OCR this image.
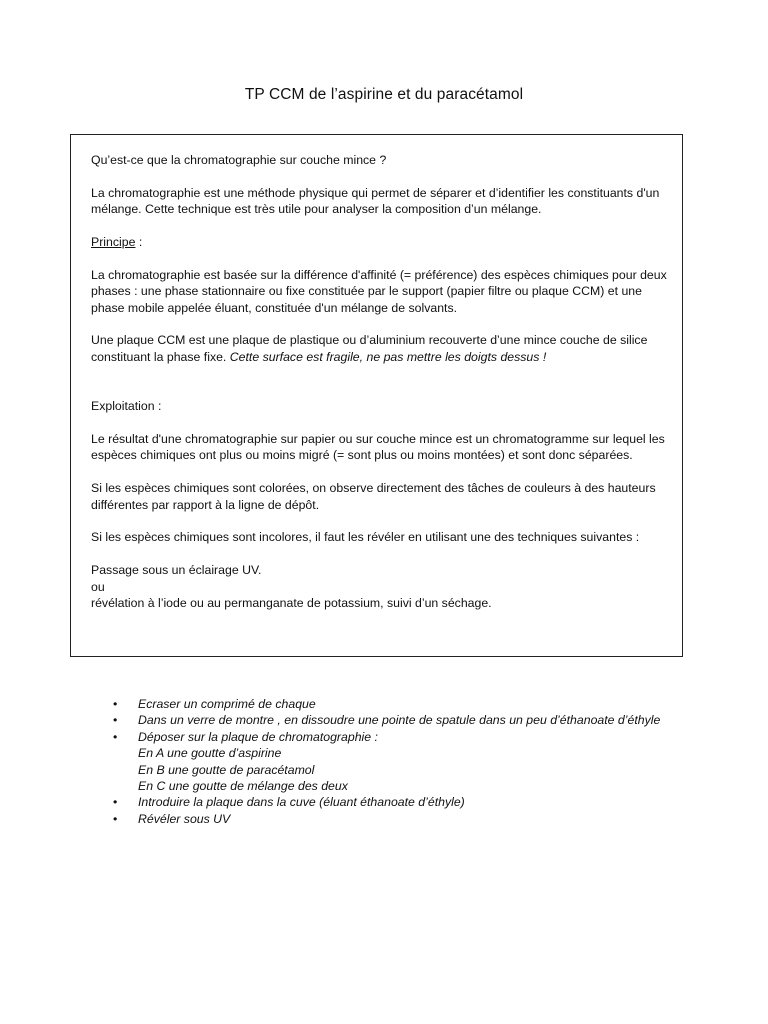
TP CCM de l’aspirine et du paracétamol

Qu’est-ce que la chromatographie sur couche mince ?

La chromatographie est une méthode physique qui permet de séparer et d’identifier les constituants d'un mélange. Cette technique est très utile pour analyser la composition d’un mélange.

Principe :

La chromatographie est basée sur la différence d'affinité (= préférence) des espèces chimiques pour deux phases : une phase stationnaire ou fixe constituée par le support (papier filtre ou plaque CCM) et une phase mobile appelée éluant, constituée d'un mélange de solvants.

Une plaque CCM est une plaque de plastique ou d’aluminium recouverte d’une mince couche de silice constituant la phase fixe. Cette surface est fragile, ne pas mettre les doigts dessus !

Exploitation :

Le résultat d'une chromatographie sur papier ou sur couche mince est un chromatogramme sur lequel les espèces chimiques ont plus ou moins migré (= sont plus ou moins montées) et sont donc séparées.

Si les espèces chimiques sont colorées, on observe directement des tâches de couleurs à des hauteurs différentes par rapport à la ligne de dépôt.

Si les espèces chimiques sont incolores, il faut les révéler en utilisant une des techniques suivantes :

Passage sous un éclairage UV.
ou
révélation à l’iode ou au permanganate de potassium, suivi d’un séchage.

• Ecraser un comprimé de chaque
• Dans un verre de montre , en dissoudre une pointe de spatule dans un peu d’éthanoate d’éthyle
• Déposer sur la plaque de chromatographie :
En A une goutte d’aspirine
En B une goutte de paracétamol
En C une goutte de mélange des deux
• Introduire la plaque dans la cuve (éluant éthanoate d’éthyle)
• Révéler sous UV
